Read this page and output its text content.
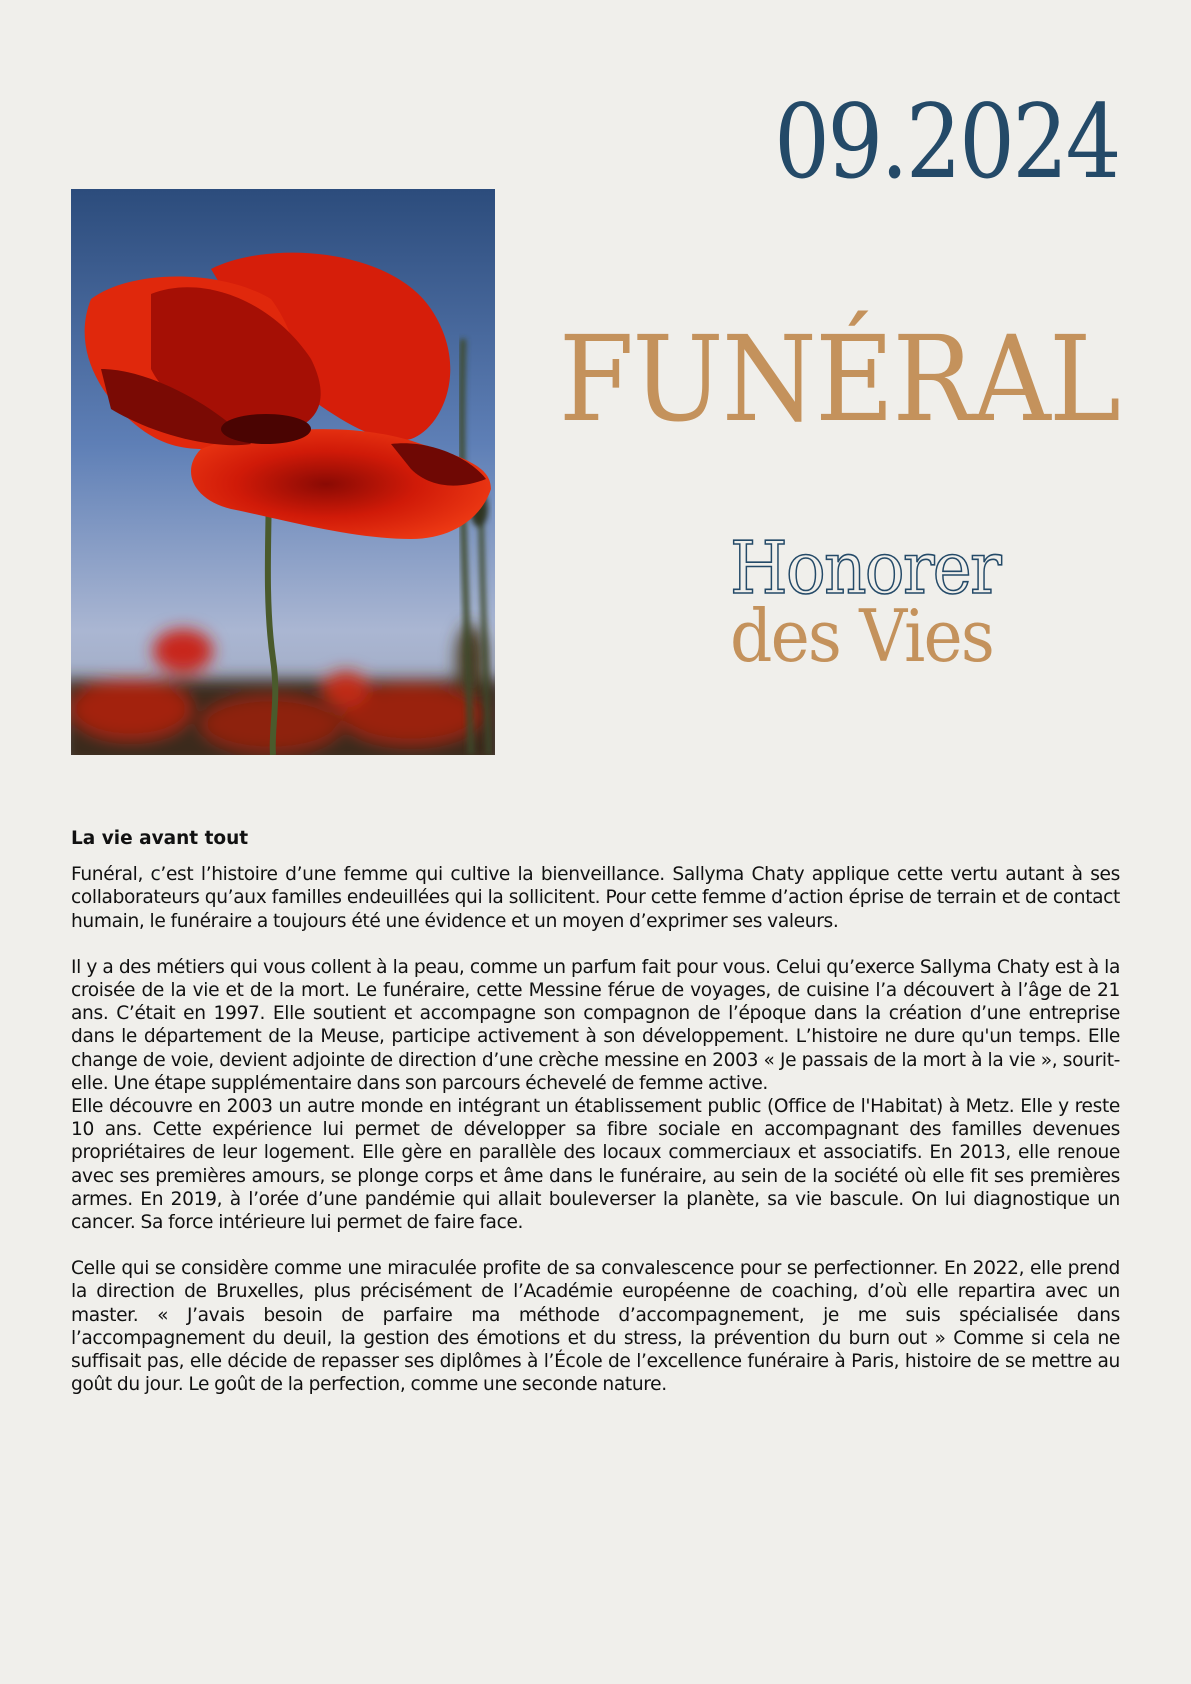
09.2024
FUNÉRAL
Honorer
des Vies
La vie avant tout

Funéral, c’est l’histoire d’une femme qui cultive la bienveillance. Sallyma Chaty applique cette vertu autant à ses collaborateurs qu’aux familles endeuillées qui la sollicitent. Pour cette femme d’action éprise de terrain et de contact humain, le funéraire a toujours été une évidence et un moyen d’exprimer ses valeurs.

Il y a des métiers qui vous collent à la peau, comme un parfum fait pour vous. Celui qu’exerce Sallyma Chaty est à la croisée de la vie et de la mort. Le funéraire, cette Messine férue de voyages, de cuisine l’a découvert à l’âge de 21 ans. C’était en 1997. Elle soutient et accompagne son compagnon de l’époque dans la création d’une entreprise dans le département de la Meuse, participe activement à son développement. L’histoire ne dure qu'un temps. Elle change de voie, devient adjointe de direction d’une crèche messine en 2003 « Je passais de la mort à la vie », sourit-elle. Une étape supplémentaire dans son parcours échevelé de femme active.

Elle découvre en 2003 un autre monde en intégrant un établissement public (Office de l'Habitat) à Metz. Elle y reste 10 ans. Cette expérience lui permet de développer sa fibre sociale en accompagnant des familles devenues propriétaires de leur logement. Elle gère en parallèle des locaux commerciaux et associatifs. En 2013, elle renoue avec ses premières amours, se plonge corps et âme dans le funéraire, au sein de la société où elle fit ses premières armes. En 2019, à l’orée d’une pandémie qui allait bouleverser la planète, sa vie bascule. On lui diagnostique un cancer. Sa force intérieure lui permet de faire face.

Celle qui se considère comme une miraculée profite de sa convalescence pour se perfectionner. En 2022, elle prend la direction de Bruxelles, plus précisément de l’Académie européenne de coaching, d’où elle repartira avec un master. « J’avais besoin de parfaire ma méthode d’accompagnement, je me suis spécialisée dans l’accompagnement du deuil, la gestion des émotions et du stress, la prévention du burn out » Comme si cela ne suffisait pas, elle décide de repasser ses diplômes à l’École de l’excellence funéraire à Paris, histoire de se mettre au goût du jour. Le goût de la perfection, comme une seconde nature.
